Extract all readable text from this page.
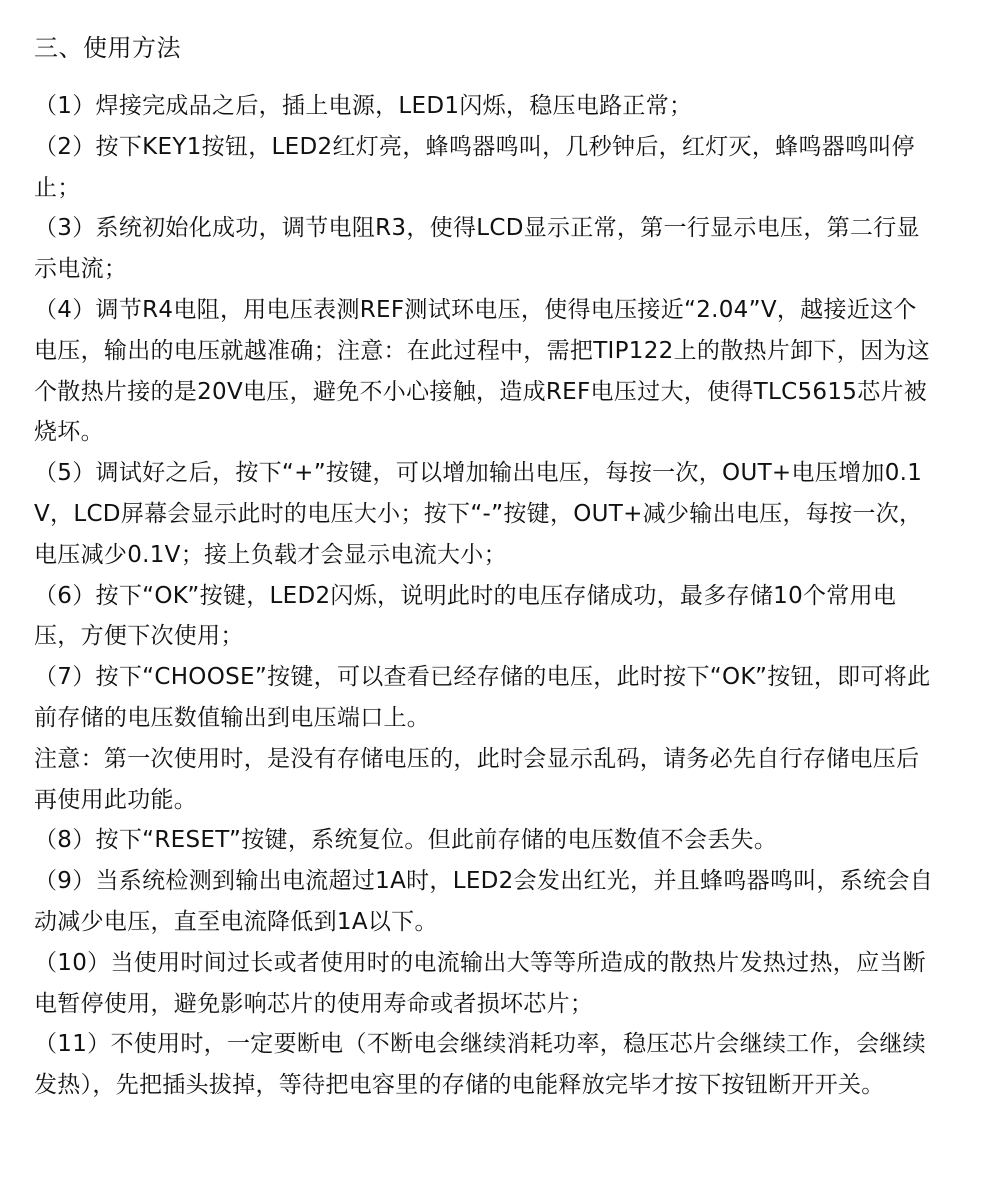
三、使用方法

（1）焊接完成品之后，插上电源，LED1闪烁，稳压电路正常；

（2）按下KEY1按钮，LED2红灯亮，蜂鸣器鸣叫，几秒钟后，红灯灭，蜂鸣器鸣叫停止；

（3）系统初始化成功，调节电阻R3，使得LCD显示正常，第一行显示电压，第二行显示电流；

（4）调节R4电阻，用电压表测REF测试环电压，使得电压接近“2.04”V，越接近这个电压，输出的电压就越准确；注意：在此过程中，需把TIP122上的散热片卸下，因为这个散热片接的是20V电压，避免不小心接触，造成REF电压过大，使得TLC5615芯片被烧坏。

（5）调试好之后，按下“+”按键，可以增加输出电压，每按一次，OUT+电压增加0.1V，LCD屏幕会显示此时的电压大小；按下“-”按键，OUT+减少输出电压，每按一次，电压减少0.1V；接上负载才会显示电流大小；

（6）按下“OK”按键，LED2闪烁，说明此时的电压存储成功，最多存储10个常用电压，方便下次使用；

（7）按下“CHOOSE”按键，可以查看已经存储的电压，此时按下“OK”按钮，即可将此前存储的电压数值输出到电压端口上。

注意：第一次使用时，是没有存储电压的，此时会显示乱码，请务必先自行存储电压后再使用此功能。

（8）按下“RESET”按键，系统复位。但此前存储的电压数值不会丢失。

（9）当系统检测到输出电流超过1A时，LED2会发出红光，并且蜂鸣器鸣叫，系统会自动减少电压，直至电流降低到1A以下。

（10）当使用时间过长或者使用时的电流输出大等等所造成的散热片发热过热，应当断电暂停使用，避免影响芯片的使用寿命或者损坏芯片；

（11）不使用时，一定要断电（不断电会继续消耗功率，稳压芯片会继续工作，会继续发热），先把插头拔掉，等待把电容里的存储的电能释放完毕才按下按钮断开开关。
